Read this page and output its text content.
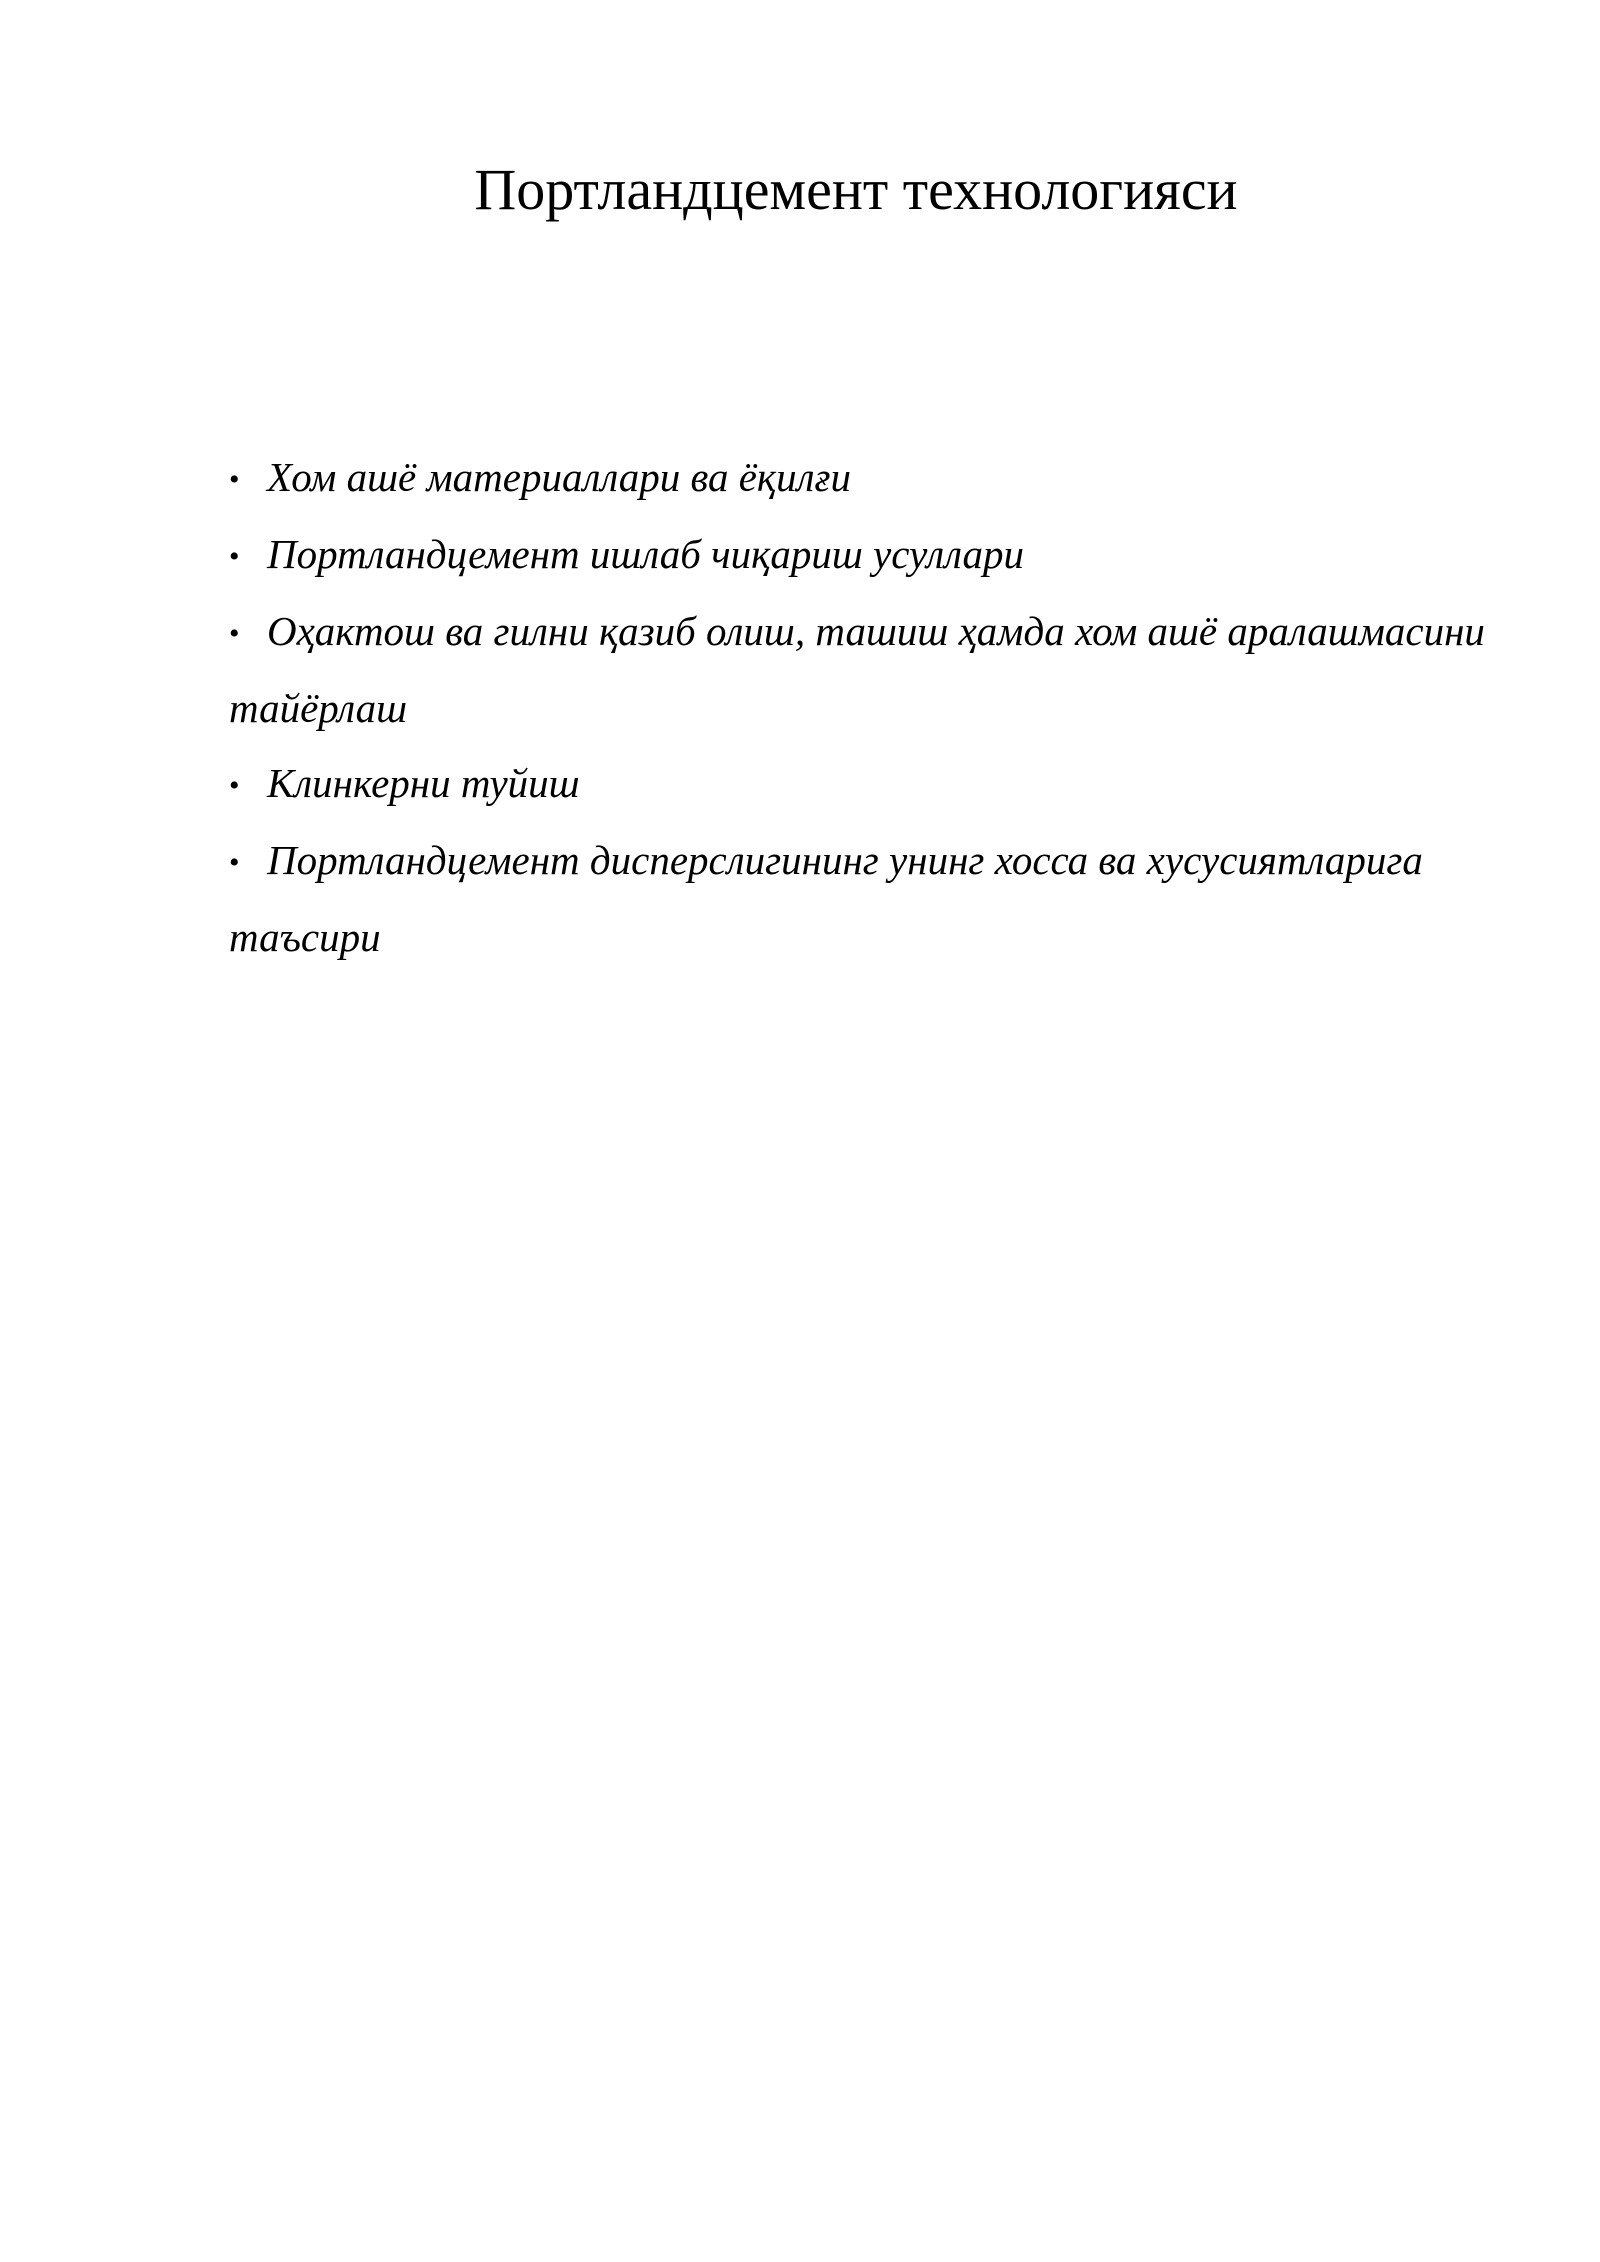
Портландцемент технологияси
• Хом ашё материаллари ва ёқилғи
• Портландцемент ишлаб чиқариш усуллари
• Оҳактош ва гилни қазиб олиш, ташиш ҳамда хом ашё аралашмасини тайёрлаш
• Клинкерни туйиш
• Портландцемент дисперслигининг унинг хосса ва хусусиятларига таъсири
